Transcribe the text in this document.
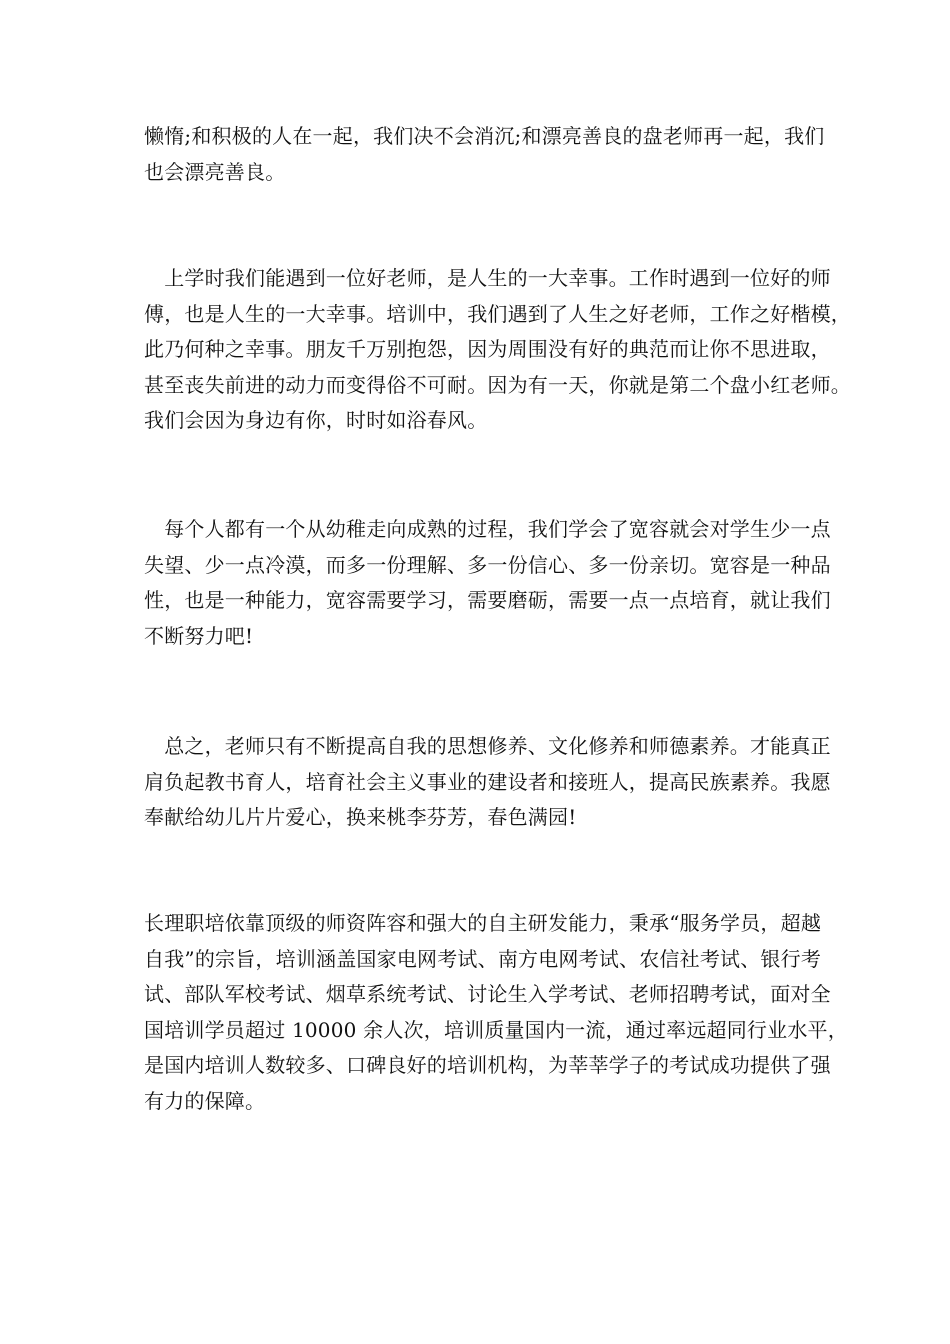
懒惰;和积极的人在一起，我们决不会消沉;和漂亮善良的盘老师再一起，我们
也会漂亮善良。

　上学时我们能遇到一位好老师，是人生的一大幸事。工作时遇到一位好的师
傅，也是人生的一大幸事。培训中，我们遇到了人生之好老师，工作之好楷模，
此乃何种之幸事。朋友千万别抱怨，因为周围没有好的典范而让你不思进取，
甚至丧失前进的动力而变得俗不可耐。因为有一天，你就是第二个盘小红老师。
我们会因为身边有你，时时如浴春风。

　每个人都有一个从幼稚走向成熟的过程，我们学会了宽容就会对学生少一点
失望、少一点冷漠，而多一份理解、多一份信心、多一份亲切。宽容是一种品
性，也是一种能力，宽容需要学习，需要磨砺，需要一点一点培育，就让我们
不断努力吧!

　总之，老师只有不断提高自我的思想修养、文化修养和师德素养。才能真正
肩负起教书育人，培育社会主义事业的建设者和接班人，提高民族素养。我愿
奉献给幼儿片片爱心，换来桃李芬芳，春色满园!

长理职培依靠顶级的师资阵容和强大的自主研发能力，秉承“服务学员，超越
自我”的宗旨，培训涵盖国家电网考试、南方电网考试、农信社考试、银行考
试、部队军校考试、烟草系统考试、讨论生入学考试、老师招聘考试，面对全
国培训学员超过 10000 余人次，培训质量国内一流，通过率远超同行业水平，
是国内培训人数较多、口碑良好的培训机构，为莘莘学子的考试成功提供了强
有力的保障。
